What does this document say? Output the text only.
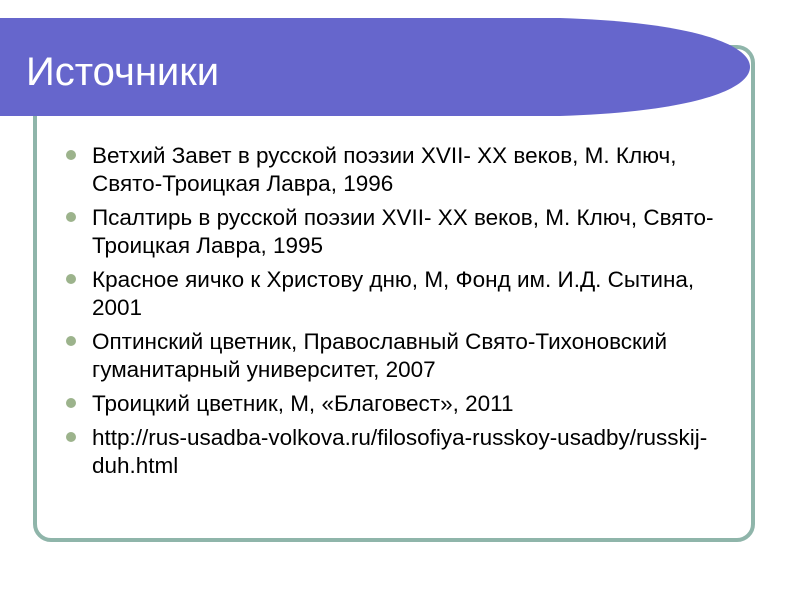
Источники
Ветхий Завет в русской поэзии XVII- XX веков, М. Ключ, Свято-Троицкая Лавра, 1996
Псалтирь в русской поэзии XVII- XX веков, М. Ключ, Свято-Троицкая Лавра, 1995
Красное яичко к Христову дню, М, Фонд им. И.Д. Сытина, 2001
Оптинский цветник, Православный Свято-Тихоновский гуманитарный университет, 2007
Троицкий цветник, М, «Благовест», 2011
http://rus-usadba-volkova.ru/filosofiya-russkoy-usadby/russkij-duh.html
